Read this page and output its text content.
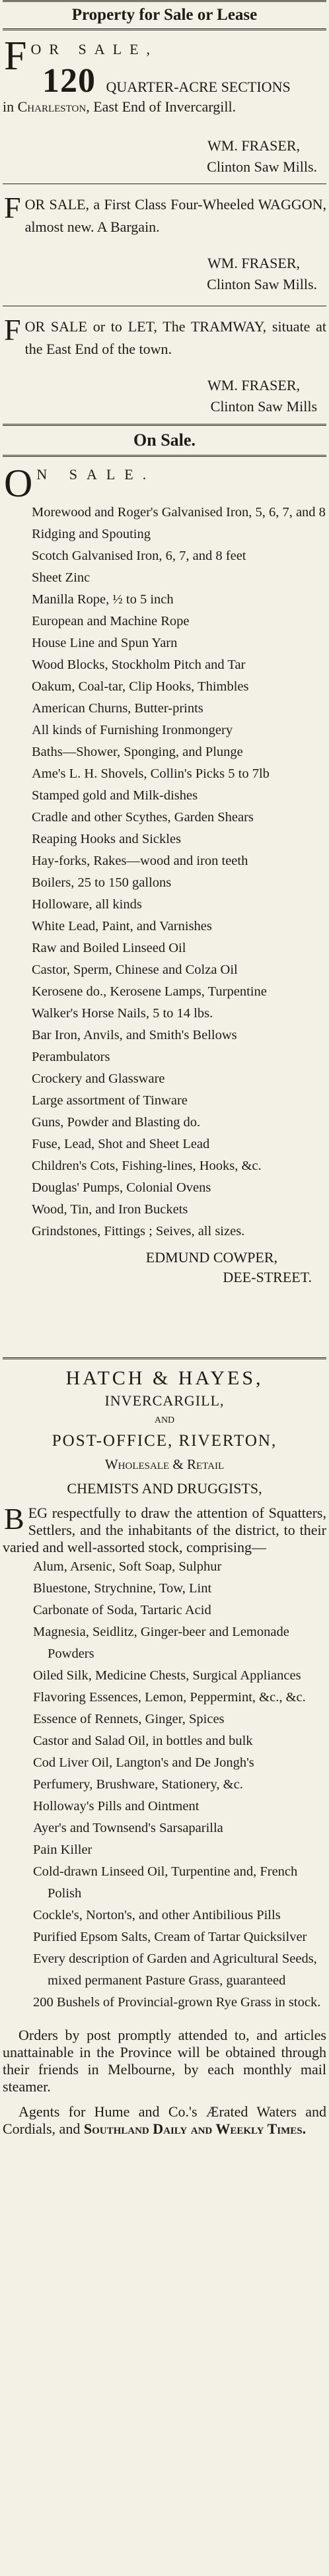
Property for Sale or Lease
F OR SALE,

120 QUARTER-ACRE SECTIONS

in Charleston, East End of Invercargill.

WM. FRASER,
Clinton Saw Mills.

FOR SALE, a First Class Four-Wheeled WAGGON, almost new. A Bargain.

WM. FRASER,
Clinton Saw Mills.

FOR SALE or to LET, The TRAMWAY, situate at the East End of the town.

WM. FRASER,
Clinton Saw Mills
On Sale.
O N SALE.

Morewood and Roger's Galvanised Iron, 5, 6, 7, and 8
Ridging and Spouting
Scotch Galvanised Iron, 6, 7, and 8 feet
Sheet Zinc
Manilla Rope, ½ to 5 inch
European and Machine Rope
House Line and Spun Yarn
Wood Blocks, Stockholm Pitch and Tar
Oakum, Coal-tar, Clip Hooks, Thimbles
American Churns, Butter-prints
All kinds of Furnishing Ironmongery
Baths—Shower, Sponging, and Plunge
Ame's L. H. Shovels, Collin's Picks 5 to 7lb
Stamped gold and Milk-dishes
Cradle and other Scythes, Garden Shears
Reaping Hooks and Sickles
Hay-forks, Rakes—wood and iron teeth
Boilers, 25 to 150 gallons
Holloware, all kinds
White Lead, Paint, and Varnishes
Raw and Boiled Linseed Oil
Castor, Sperm, Chinese and Colza Oil
Kerosene do., Kerosene Lamps, Turpentine
Walker's Horse Nails, 5 to 14 lbs.
Bar Iron, Anvils, and Smith's Bellows
Perambulators
Crockery and Glassware
Large assortment of Tinware
Guns, Powder and Blasting do.
Fuse, Lead, Shot and Sheet Lead
Children's Cots, Fishing-lines, Hooks, &c.
Douglas' Pumps, Colonial Ovens
Wood, Tin, and Iron Buckets
Grindstones, Fittings ; Seives, all sizes.
EDMUND COWPER,
DEE-STREET.
HATCH & HAYES,
INVERCARGILL,
AND
POST-OFFICE, RIVERTON,
Wholesale & Retail
CHEMISTS AND DRUGGISTS,

BEG respectfully to draw the attention of Squatters, Settlers, and the inhabitants of the district, to their varied and well-assorted stock, comprising—

Alum, Arsenic, Soft Soap, Sulphur
Bluestone, Strychnine, Tow, Lint
Carbonate of Soda, Tartaric Acid
Magnesia, Seidlitz, Ginger-beer and Lemonade Powders
Oiled Silk, Medicine Chests, Surgical Appliances
Flavoring Essences, Lemon, Peppermint, &c., &c.
Essence of Rennets, Ginger, Spices
Castor and Salad Oil, in bottles and bulk
Cod Liver Oil, Langton's and De Jongh's
Perfumery, Brushware, Stationery, &c.
Holloway's Pills and Ointment
Ayer's and Townsend's Sarsaparilla
Pain Killer
Cold-drawn Linseed Oil, Turpentine and, French Polish
Cockle's, Norton's, and other Antibilious Pills
Purified Epsom Salts, Cream of Tartar Quicksilver
Every description of Garden and Agricultural Seeds, mixed permanent Pasture Grass, guaranteed
200 Bushels of Provincial-grown Rye Grass in stock.

Orders by post promptly attended to, and articles unattainable in the Province will be obtained through their friends in Melbourne, by each monthly mail steamer.

Agents for Hume and Co.'s Ærated Waters and Cordials, and Southland Daily and Weekly Times.
